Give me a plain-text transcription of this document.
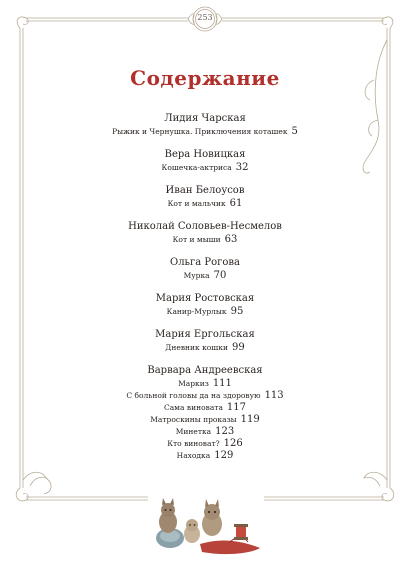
253
Содержание
Лидия Чарская
Рыжик и Чернушка. Приключения коташек 5
Вера Новицкая
Кошечка-актриса 32
Иван Белоусов
Кот и мальчик 61
Николай Соловьев-Несмелов
Кот и мыши 63
Ольга Рогова
Мурка 70
Мария Ростовская
Канир-Мурлык 95
Мария Ергольская
Дневник кошки 99
Варвара Андреевская
Маркиз 111
С больной головы да на здоровую 113
Сама виновата 117
Матроскины проказы 119
Минетка 123
Кто виноват? 126
Находка 129
